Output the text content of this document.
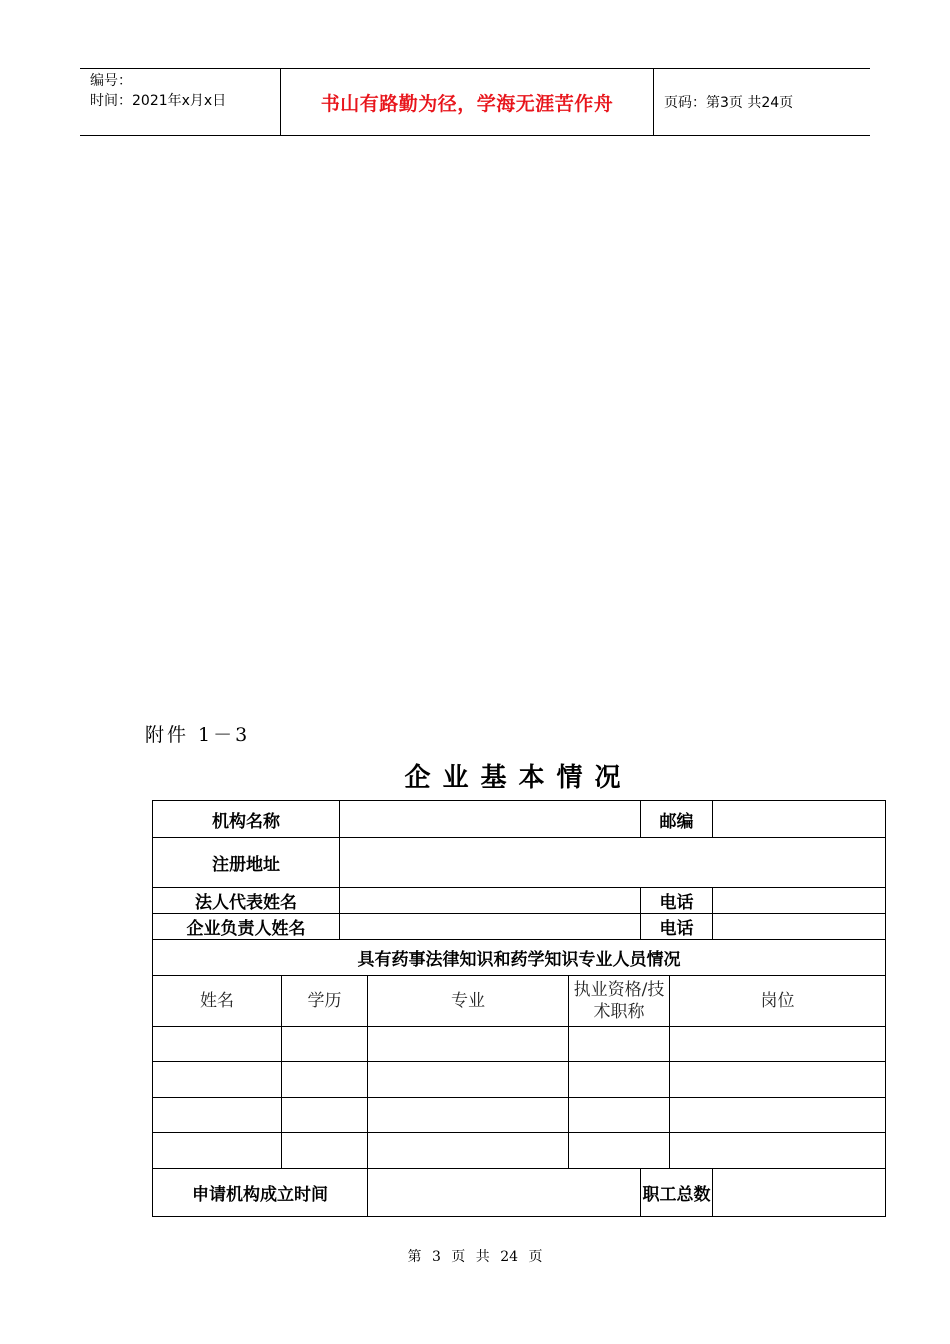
编号：
时间：2021年x月x日	书山有路勤为径，学海无涯苦作舟	页码：第3页 共24页
附件 1－3
企业基本情况
机构名称					邮编		
注册地址							
法人代表姓名					电话		
企业负责人姓名					电话		
具有药事法律知识和药学知识专业人员情况							
姓名	学历		专业	执业资格/技术职称		岗位	

申请机构成立时间					职工总数		
第 3 页 共 24 页
